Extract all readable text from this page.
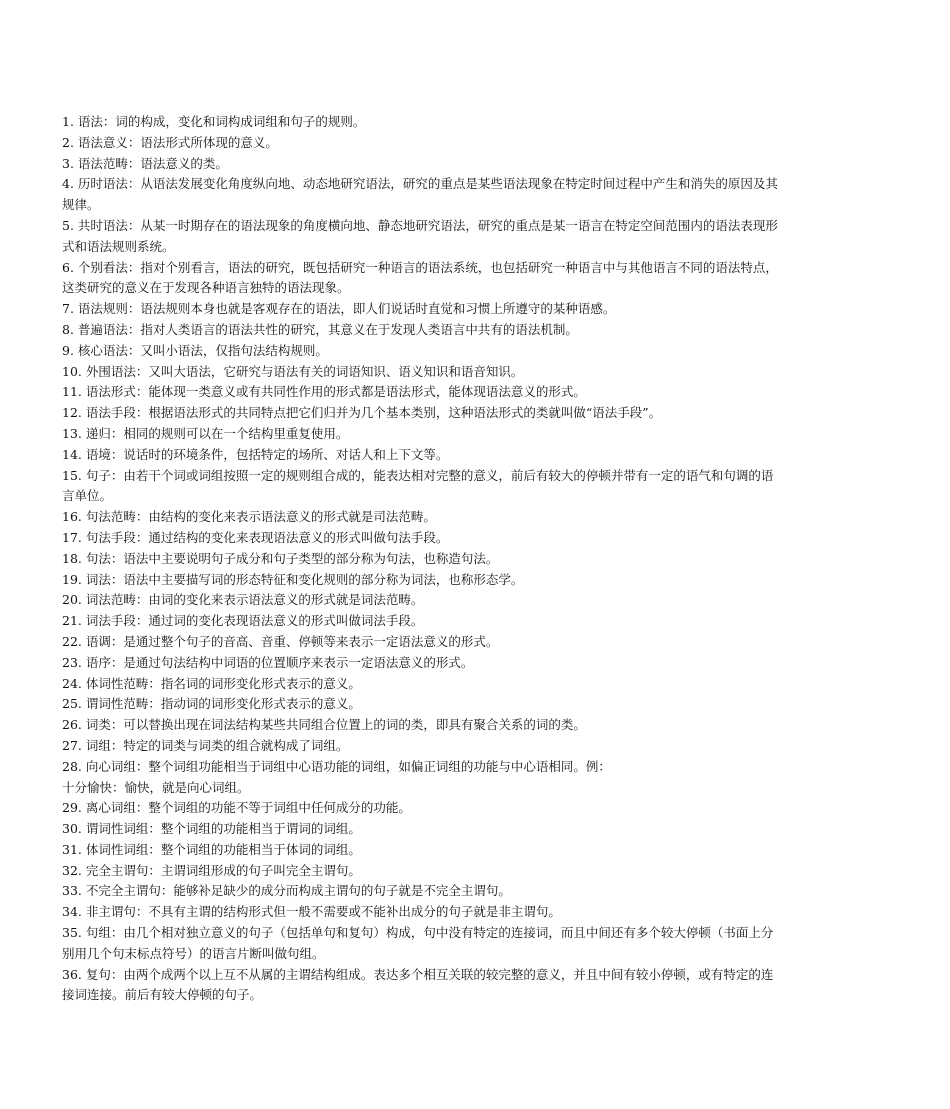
1. 语法：词的构成，变化和词构成词组和句子的规则。

2. 语法意义：语法形式所体现的意义。

3. 语法范畴：语法意义的类。

4. 历时语法：从语法发展变化角度纵向地、动态地研究语法，研究的重点是某些语法现象在特定时间过程中产生和消失的原因及其
规律。

5. 共时语法：从某一时期存在的语法现象的角度横向地、静态地研究语法，研究的重点是某一语言在特定空间范围内的语法表现形
式和语法规则系统。

6. 个别看法：指对个别看言，语法的研究，既包括研究一种语言的语法系统，也包括研究一种语言中与其他语言不同的语法特点，
这类研究的意义在于发现各种语言独特的语法现象。

7. 语法规则：语法规则本身也就是客观存在的语法，即人们说话时直觉和习惯上所遵守的某种语感。

8. 普遍语法：指对人类语言的语法共性的研究，其意义在于发现人类语言中共有的语法机制。

9. 核心语法：又叫小语法，仅指句法结构规则。

10. 外围语法：又叫大语法，它研究与语法有关的词语知识、语义知识和语音知识。

11. 语法形式：能体现一类意义或有共同性作用的形式都是语法形式，能体现语法意义的形式。

12. 语法手段：根据语法形式的共同特点把它们归并为几个基本类别，这种语法形式的类就叫做“语法手段”。

13. 递归：相同的规则可以在一个结构里重复使用。

14. 语境：说话时的环境条件，包括特定的场所、对话人和上下文等。

15. 句子：由若干个词或词组按照一定的规则组合成的，能表达相对完整的意义，前后有较大的停顿并带有一定的语气和句调的语
言单位。

16. 句法范畴：由结构的变化来表示语法意义的形式就是司法范畴。

17. 句法手段：通过结构的变化来表现语法意义的形式叫做句法手段。

18. 句法：语法中主要说明句子成分和句子类型的部分称为句法，也称造句法。

19. 词法：语法中主要描写词的形态特征和变化规则的部分称为词法，也称形态学。

20. 词法范畴：由词的变化来表示语法意义的形式就是词法范畴。

21. 词法手段：通过词的变化表现语法意义的形式叫做词法手段。

22. 语调：是通过整个句子的音高、音重、停顿等来表示一定语法意义的形式。

23. 语序：是通过句法结构中词语的位置顺序来表示一定语法意义的形式。

24. 体词性范畴：指名词的词形变化形式表示的意义。

25. 谓词性范畴：指动词的词形变化形式表示的意义。

26. 词类：可以替换出现在词法结构某些共同组合位置上的词的类，即具有聚合关系的词的类。

27. 词组：特定的词类与词类的组合就构成了词组。

28. 向心词组：整个词组功能相当于词组中心语功能的词组，如偏正词组的功能与中心语相同。例：
十分愉快：愉快，就是向心词组。

29. 离心词组：整个词组的功能不等于词组中任何成分的功能。

30. 谓词性词组：整个词组的功能相当于谓词的词组。

31. 体词性词组：整个词组的功能相当于体词的词组。

32. 完全主谓句：主谓词组形成的句子叫完全主谓句。

33. 不完全主谓句：能够补足缺少的成分而构成主谓句的句子就是不完全主谓句。

34. 非主谓句：不具有主谓的结构形式但一般不需要或不能补出成分的句子就是非主谓句。

35. 句组：由几个相对独立意义的句子（包括单句和复句）构成，句中没有特定的连接词，而且中间还有多个较大停顿（书面上分
别用几个句末标点符号）的语言片断叫做句组。

36. 复句：由两个成两个以上互不从属的主谓结构组成。表达多个相互关联的较完整的意义，并且中间有较小停顿，或有特定的连
接词连接。前后有较大停顿的句子。
